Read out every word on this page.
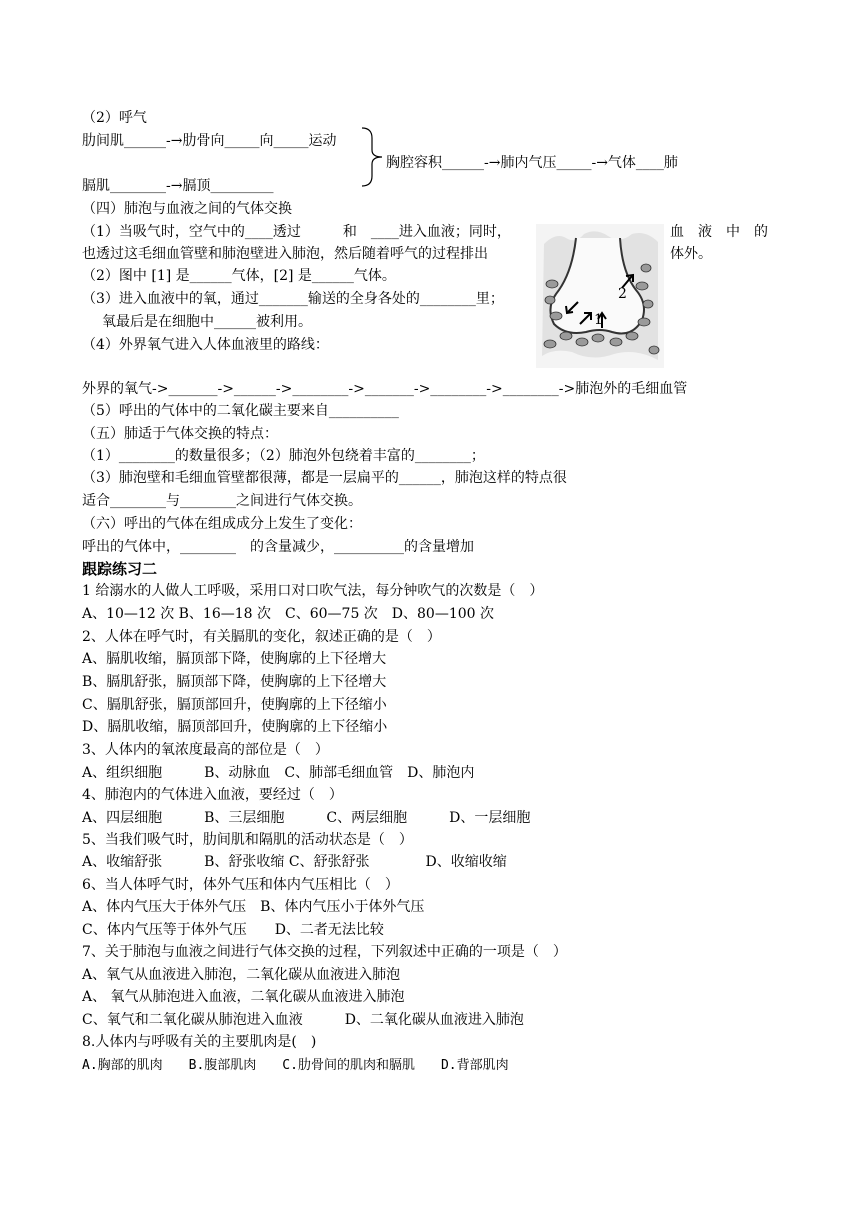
（2）呼气
肋间肌______-→肋骨向_____向_____运动
胸腔容积______-→肺内气压_____-→气体____肺
膈肌________-→膈顶_________
（四）肺泡与血液之间的气体交换
（1）当吸气时，空气中的____透过　　　和　____进入血液；同时，	血　液　中　的
也透过这毛细血管壁和肺泡壁进入肺泡，然后随着呼气的过程排出	体外。
1
2
（2）图中 [1] 是______气体，[2] 是______气体。
（3）进入血液中的氧，通过_______输送的全身各处的________里；
氧最后是在细胞中______被利用。
（4）外界氧气进入人体血液里的路线：
外界的氧气->_______->______->________->_______->________->________->肺泡外的毛细血管
（5）呼出的气体中的二氧化碳主要来自__________
（五）肺适于气体交换的特点：
（1）________的数量很多；（2）肺泡外包绕着丰富的________；
（3）肺泡壁和毛细血管壁都很薄，都是一层扁平的______，肺泡这样的特点很
适合________与________之间进行气体交换。
（六）呼出的气体在组成成分上发生了变化：
呼出的气体中，________　的含量减少，__________的含量增加
跟踪练习二
1 给溺水的人做人工呼吸，采用口对口吹气法，每分钟吹气的次数是（　）
A、10—12 次 B、16—18 次　C、60—75 次　D、80—100 次
2、人体在呼气时，有关膈肌的变化，叙述正确的是（　）
A、膈肌收缩，膈顶部下降，使胸廓的上下径增大
B、膈肌舒张，膈顶部下降，使胸廓的上下径增大
C、膈肌舒张，膈顶部回升，使胸廓的上下径缩小
D、膈肌收缩，膈顶部回升，使胸廓的上下径缩小
3、人体内的氧浓度最高的部位是（　）
A、组织细胞　　　B、动脉血　C、肺部毛细血管　D、肺泡内
4、肺泡内的气体进入血液，要经过（　）
A、四层细胞　　　B、三层细胞　　　C、两层细胞　　　D、一层细胞
5、当我们吸气时，肋间肌和隔肌的活动状态是（　）
A、收缩舒张　　　B、舒张收缩 C、舒张舒张　　　　D、收缩收缩
6、当人体呼气时，体外气压和体内气压相比（　）
A、体内气压大于体外气压　B、体内气压小于体外气压
C、体内气压等于体外气压　　D、二者无法比较
7、关于肺泡与血液之间进行气体交换的过程，下列叙述中正确的一项是（　）
A、氧气从血液进入肺泡，二氧化碳从血液进入肺泡
A、 氧气从肺泡进入血液，二氧化碳从血液进入肺泡
C、氧气和二氧化碳从肺泡进入血液　　　D、二氧化碳从血液进入肺泡
8.人体内与呼吸有关的主要肌肉是(　)
A.胸部的肌肉　　B.腹部肌肉　　C.肋骨间的肌肉和膈肌　　D.背部肌肉
